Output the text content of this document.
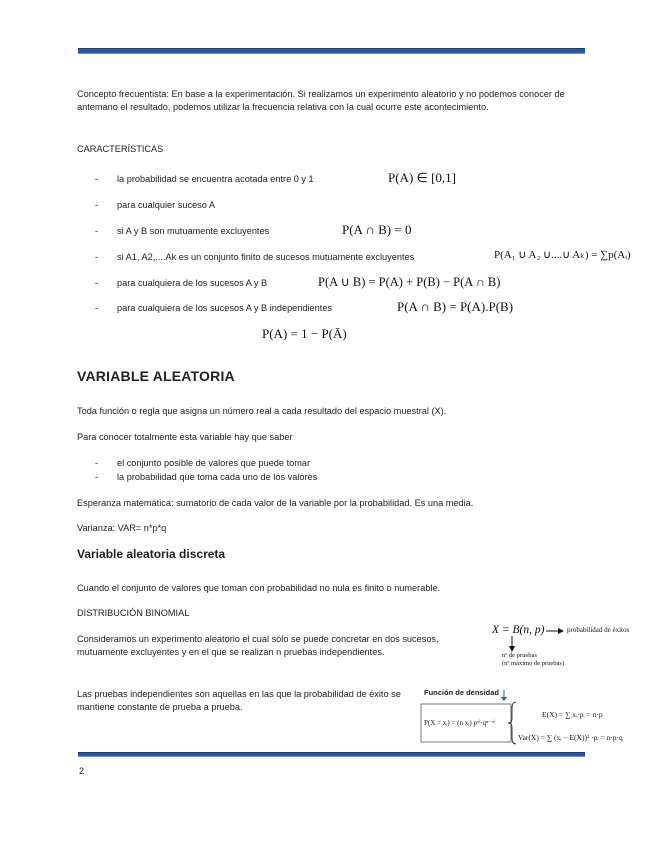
Concepto frecuentista: En base a la experimentación. Si realizamos un experimento aleatorio y no podemos conocer de antemano el resultado, podemos utilizar la frecuencia relativa con la cual ocurre este acontecimiento.
CARACTERÍSTICAS
- la probabilidad se encuentra acotada entre 0 y 1	P(A) ∈ [0,1]
- para cualquier suceso A
- si A y B son mutuamente excluyentes	P(A ∩ B) = 0
- si A1, A2,....Ak es un conjunto finito de sucesos mutuamente excluyentes	P(A₁ ∪ A₂ ∪....∪ Aₖ) = ∑p(Aᵢ)
- para cualquiera de los sucesos A y B	P(A ∪ B) = P(A) + P(B) − P(A ∩ B)
- para cualquiera de los sucesos A y B independientes	P(A ∩ B) = P(A).P(B)
P(A) = 1 − P(Ā)
VARIABLE ALEATORIA
Toda función o regla que asigna un número real a cada resultado del espacio muestral (X).
Para conocer totalmente esta variable hay que saber
- el conjunto posible de valores que puede tomar
- la probabilidad que toma cada uno de los valores
Esperanza matemática: sumatorio de cada valor de la variable por la probabilidad. Es una media.
Varianza: VAR= n*p*q
Variable aleatoria discreta
Cuando el conjunto de valores que toman con probabilidad no nula es finito o numerable.
DISTRIBUCIÓN BINOMIAL
Consideramos un experimento aleatorio el cual sólo se puede concretar en dos sucesos, mutuamente excluyentes y en el que se realizan n pruebas independientes.
Las pruebas independientes son aquellas en las que la probabilidad de éxito se mantiene constante de prueba a prueba.
X = B(n, p)	probabilidad de éxitos
nº de pruebas
(nº máximo de pruebas)
Función de densidad
P(X = xᵢ) = (n xᵢ) pˣⁱ·qⁿ⁻ˣⁱ
E(X) = ∑ xᵢ·pᵢ = n·p
Var(X) = ∑ (xᵢ − E(X))² ·pᵢ = n·p·q
2
